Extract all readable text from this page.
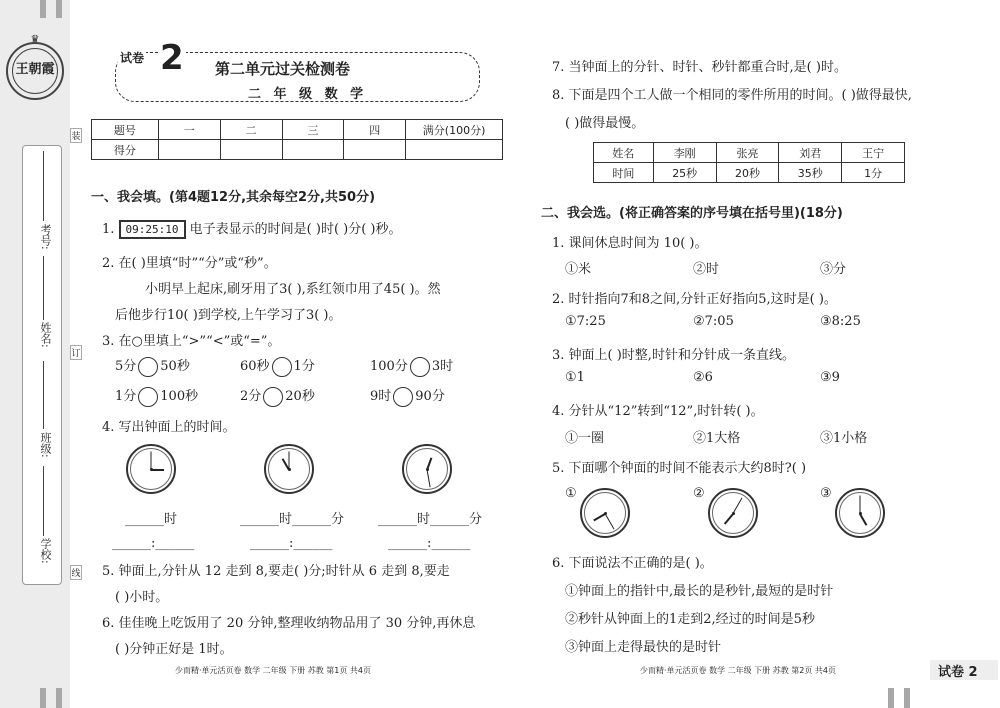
♛
王朝霞
考号:
姓名:
班级:
学校:
装
订
线
试卷 2 第二单元过关检测卷
二 年 级 数 学
题号	一	二	三	四	满分(100分)
得分					
一、我会填。(第4题12分,其余每空2分,共50分)
1. 09:25:10 电子表显示的时间是( )时( )分( )秒。
2. 在( )里填“时”“分”或“秒”。
小明早上起床,刷牙用了3( ),系红领巾用了45( )。然
后他步行10( )到学校,上午学习了3( )。
3. 在○里填上“>”“<”或“=”。
5分 50秒	60秒 1分	100分 3时
1分 100秒	2分 20秒	9时 90分
4. 写出钟面上的时间。
______时	______时______分	______时______分
______:______	______:______	______:______
5. 钟面上,分针从 12 走到 8,要走( )分;时针从 6 走到 8,要走
( )小时。
6. 佳佳晚上吃饭用了 20 分钟,整理收纳物品用了 30 分钟,再休息
( )分钟正好是 1时。
少而精·单元活页卷 数学 二年级 下册 苏教 第1页 共4页
7. 当钟面上的分针、时针、秒针都重合时,是( )时。
8. 下面是四个工人做一个相同的零件所用的时间。( )做得最快,
( )做得最慢。
姓名	李刚	张亮	刘君	王宁
时间	25秒	20秒	35秒	1分
二、我会选。(将正确答案的序号填在括号里)(18分)
1. 课间休息时间为 10( )。
①米	②时	③分
2. 时针指向7和8之间,分针正好指向5,这时是( )。
①7:25	②7:05	③8:25
3. 钟面上( )时整,时针和分针成一条直线。
①1	②6	③9
4. 分针从“12”转到“12”,时针转( )。
①一圈	②1大格	③1小格
5. 下面哪个钟面的时间不能表示大约8时?( )
①	②	③
6. 下面说法不正确的是( )。
①钟面上的指针中,最长的是秒针,最短的是时针
②秒针从钟面上的1走到2,经过的时间是5秒
③钟面上走得最快的是时针
少而精·单元活页卷 数学 二年级 下册 苏教 第2页 共4页	试卷 2
